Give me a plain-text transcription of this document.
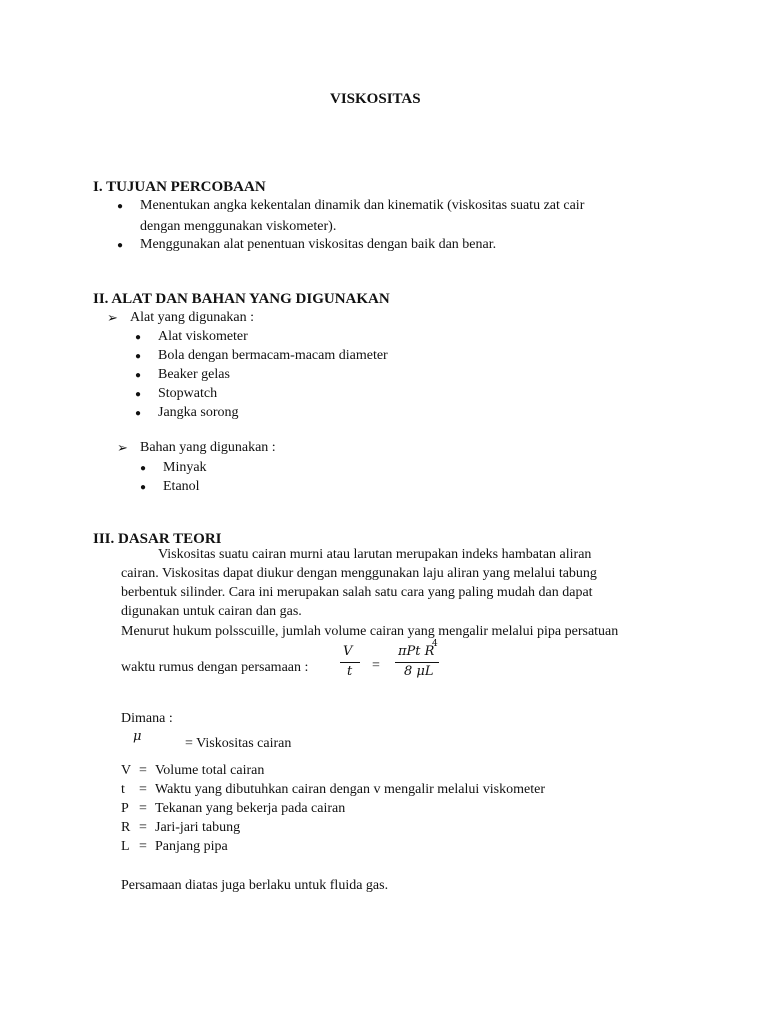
VISKOSITAS
I. TUJUAN PERCOBAAN
● Menentukan angka kekentalan dinamik dan kinematik (viskositas suatu zat cair
dengan menggunakan viskometer).
● Menggunakan alat penentuan viskositas dengan baik dan benar.
II. ALAT DAN BAHAN YANG DIGUNAKAN
➢ Alat yang digunakan :
● Alat viskometer
● Bola dengan bermacam-macam diameter
● Beaker gelas
● Stopwatch
● Jangka sorong
➢ Bahan yang digunakan :
● Minyak
● Etanol
III. DASAR TEORI
Viskositas suatu cairan murni atau larutan merupakan indeks hambatan aliran
cairan. Viskositas dapat diukur dengan menggunakan laju aliran yang melalui tabung
berbentuk silinder. Cara ini merupakan salah satu cara yang paling mudah dan dapat
digunakan untuk cairan dan gas.
Menurut hukum polsscuille, jumlah volume cairan yang mengalir melalui pipa persatuan
waktu rumus dengan persamaan :
V
t =
πPt R
4
8 μL
Dimana :
μ	= Viskositas cairan
V = Volume total cairan
t = Waktu yang dibutuhkan cairan dengan v mengalir melalui viskometer
P = Tekanan yang bekerja pada cairan
R = Jari-jari tabung
L = Panjang pipa
Persamaan diatas juga berlaku untuk fluida gas.
